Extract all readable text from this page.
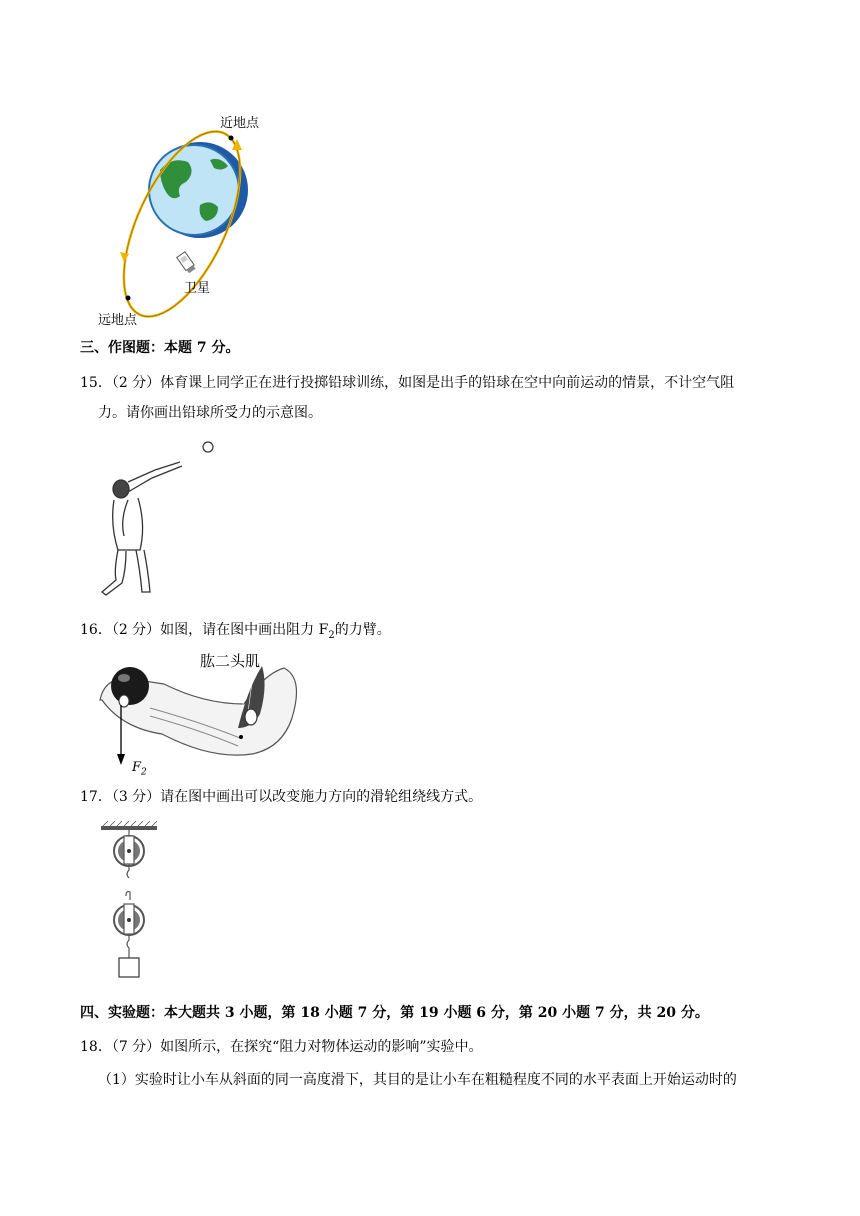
近地点
卫星
远地点
三、作图题：本题 7 分。
15．（2 分）体育课上同学正在进行投掷铅球训练，如图是出手的铅球在空中向前运动的情景，不计空气阻
力。请你画出铅球所受力的示意图。
16．（2 分）如图，请在图中画出阻力 $F_2$的力臂。
肱二头肌
$F_2$
17．（3 分）请在图中画出可以改变施力方向的滑轮组绕线方式。
四、实验题：本大题共 3 小题，第 18 小题 7 分，第 19 小题 6 分，第 20 小题 7 分，共 20 分。
18．（7 分）如图所示，在探究“阻力对物体运动的影响”实验中。
（1）实验时让小车从斜面的同一高度滑下，其目的是让小车在粗糙程度不同的水平表面上开始运动时的
